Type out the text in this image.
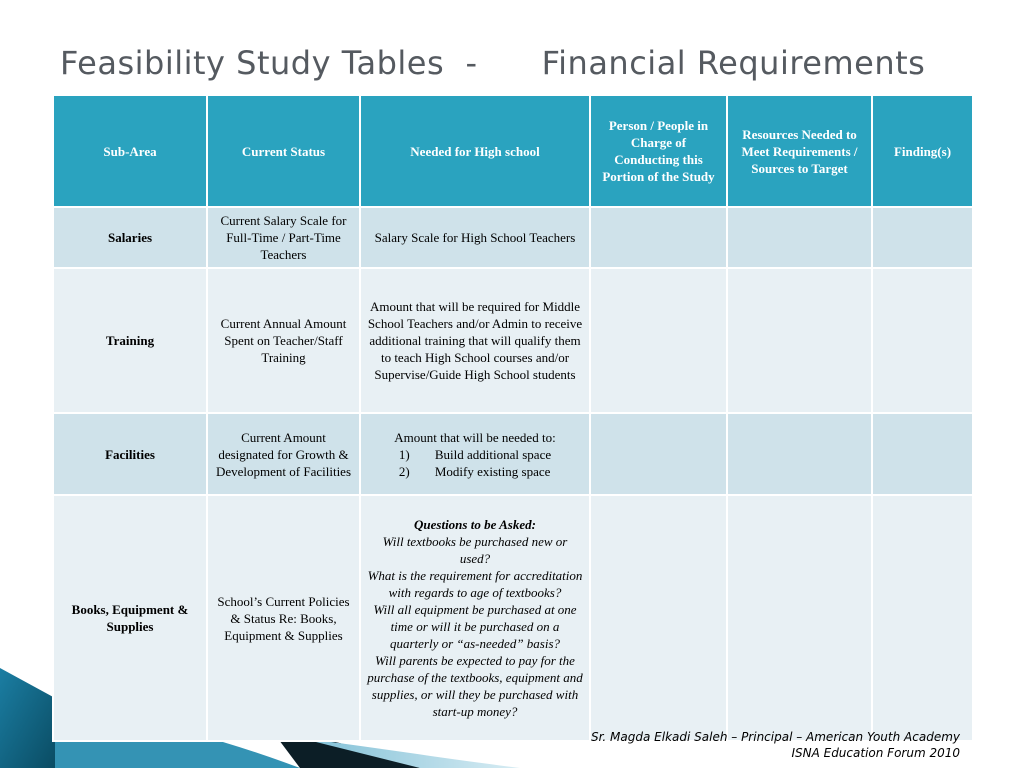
Feasibility Study Tables  -      Financial Requirements
Sub-Area	Current Status	Needed for High school	Person / People in Charge of Conducting this Portion of the Study	Resources Needed to Meet Requirements / Sources to Target	Finding(s)
Salaries	Current Salary Scale for Full-Time / Part-Time Teachers	Salary Scale for High School Teachers			
Training	Current Annual Amount Spent on Teacher/Staff Training	Amount that will be required for Middle School Teachers and/or Admin to receive additional training that will qualify them to teach High School courses and/or Supervise/Guide High School students			
Facilities	Current Amount designated for Growth & Development of Facilities	Amount that will be needed to:
1) Build additional space
2) Modify existing space			

Books, Equipment & Supplies	School’s Current Policies & Status Re: Books, Equipment & Supplies	Questions to be Asked:
Will textbooks be purchased new or used?
What is the requirement for accreditation with regards to age of textbooks?
Will all equipment be purchased at one time or will it be purchased on a quarterly or “as-needed” basis?
Will parents be expected to pay for the purchase of the textbooks, equipment and supplies, or will they be purchased with start-up money?			

Sr. Magda Elkadi Saleh – Principal – American Youth Academy
ISNA Education Forum 2010
